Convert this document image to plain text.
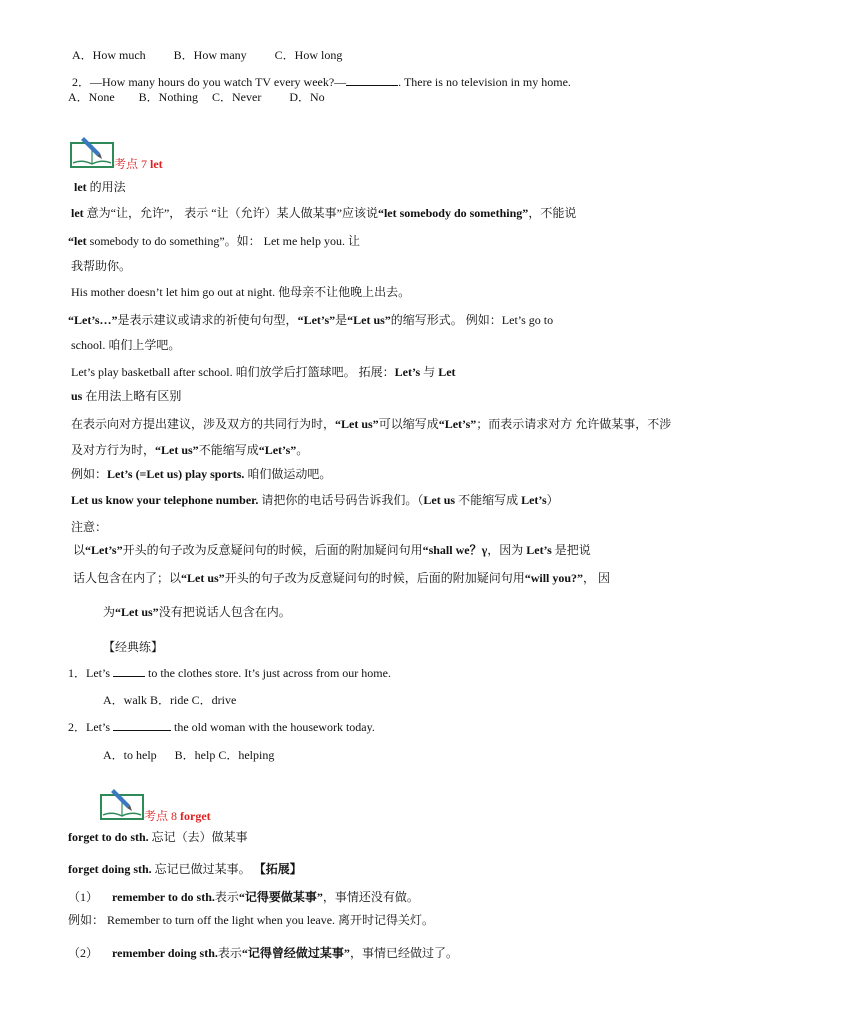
A．How much B．How many C．How long
2．—How many hours do you watch TV every week?—	. There is no television in my home.
A．None B．Nothing C．Never D．No
考点 7 let
let 的用法
let 意为“让，允许”， 表示 “让（允许）某人做某事”应该说“let somebody do something”，不能说
“let somebody to do something”。如： Let me help you. 让
我帮助你。
His mother doesn’t let him go out at night. 他母亲不让他晚上出去。
“Let’s…”是表示建议或请求的祈使句句型，“Let’s”是“Let us”的缩写形式。 例如：Let’s go to
school. 咱们上学吧。
Let’s play basketball after school. 咱们放学后打篮球吧。 拓展：Let’s 与 Let
us 在用法上略有区别
在表示向对方提出建议，涉及双方的共同行为时，“Let us”可以缩写成“Let’s”；而表示请求对方 允许做某事，不涉
及对方行为时，“Let us”不能缩写成“Let’s”。
例如：Let’s (=Let us) play sports. 咱们做运动吧。
Let us know your telephone number. 请把你的电话号码告诉我们。（Let us 不能缩写成 Let’s）
注意：
以“Let’s”开头的句子改为反意疑问句的时候，后面的附加疑问句用“shall we？γ，因为 Let’s 是把说
话人包含在内了；以“Let us”开头的句子改为反意疑问句的时候，后面的附加疑问句用“will you?”， 因
为“Let us”没有把说话人包含在内。
【经典练】
1．Let’s	to the clothes store. It’s just across from our home.
A．walk B．ride C．drive
2．Let’s	the old woman with the housework today.
A．to help B．help C．helping
考点 8 forget
forget to do sth. 忘记（去）做某事
forget doing sth. 忘记已做过某事。 【拓展】
（1） remember to do sth.表示“记得要做某事”，事情还没有做。
例如： Remember to turn off the light when you leave. 离开时记得关灯。
（2） remember doing sth.表示“记得曾经做过某事”，事情已经做过了。
